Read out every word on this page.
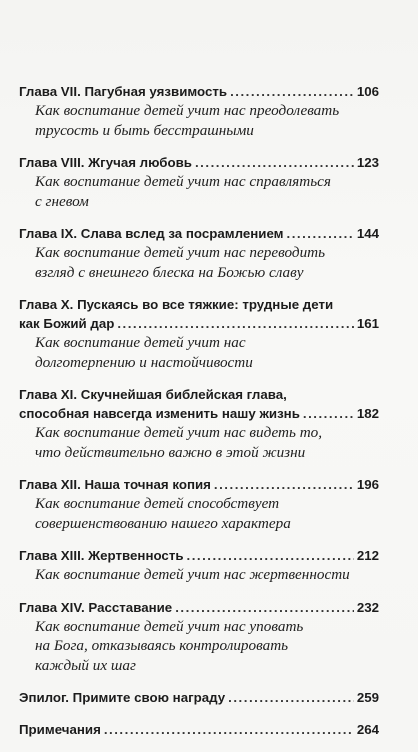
Глава VII. Пагубная уязвимость .....	106
Как воспитание детей учит нас преодолевать
трусость и быть бесстрашными
Глава VIII. Жгучая любовь .....	123
Как воспитание детей учит нас справляться
с гневом
Глава IX. Слава вслед за посрамлением .....	144
Как воспитание детей учит нас переводить
взгляд с внешнего блеска на Божью славу
Глава X. Пускаясь во все тяжкие: трудные дети
как Божий дар .....	161
Как воспитание детей учит нас
долготерпению и настойчивости
Глава XI. Скучнейшая библейская глава,
способная навсегда изменить нашу жизнь .....	182
Как воспитание детей учит нас видеть то,
что действительно важно в этой жизни
Глава XII. Наша точная копия .....	196
Как воспитание детей способствует
совершенствованию нашего характера
Глава XIII. Жертвенность .....	212
Как воспитание детей учит нас жертвенности
Глава XIV. Расставание .....	232
Как воспитание детей учит нас уповать
на Бога, отказываясь контролировать
каждый их шаг
Эпилог. Примите свою награду .....	259
Примечания .....	264
